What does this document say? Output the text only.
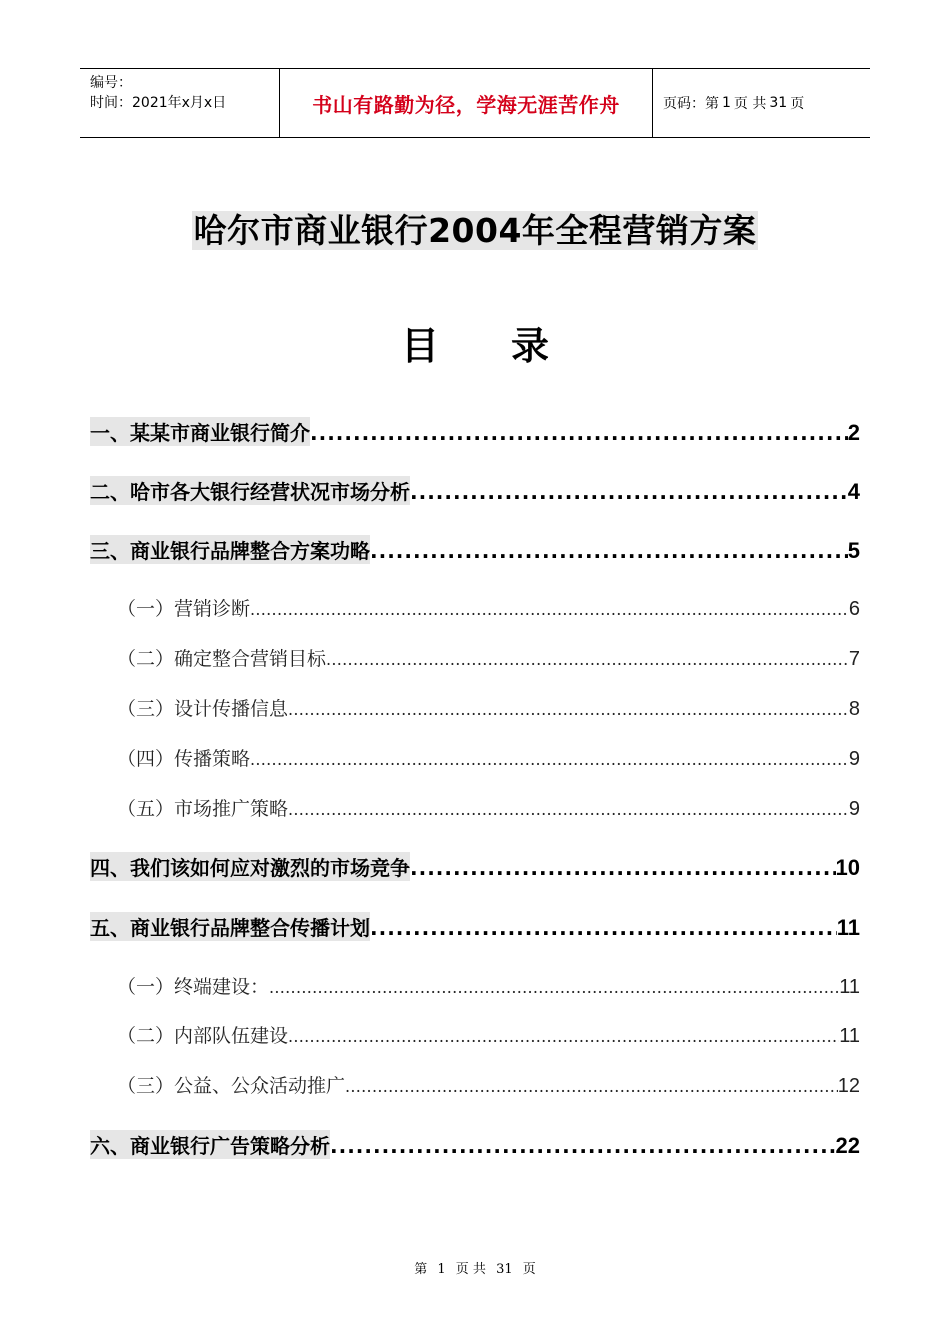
编号：
时间：2021年x月x日	书山有路勤为径，学海无涯苦作舟	页码：第 1 页 共 31 页
哈尔市商业银行2004年全程营销方案
目 录
一、某某市商业银行简介 .....	2
二、哈市各大银行经营状况市场分析 .....	4
三、商业银行品牌整合方案功略 .....	5
（一）营销诊断 .....	6
（二）确定整合营销目标 .....	7
（三）设计传播信息 .....	8
（四）传播策略 .....	9
（五）市场推广策略 .....	9
四、我们该如何应对激烈的市场竞争 .....	10
五、商业银行品牌整合传播计划 .....	11
（一）终端建设： .....	11
（二）内部队伍建设 .....	11
（三）公益、公众活动推广 .....	12
六、商业银行广告策略分析 .....	22
第 1 页 共 31 页
